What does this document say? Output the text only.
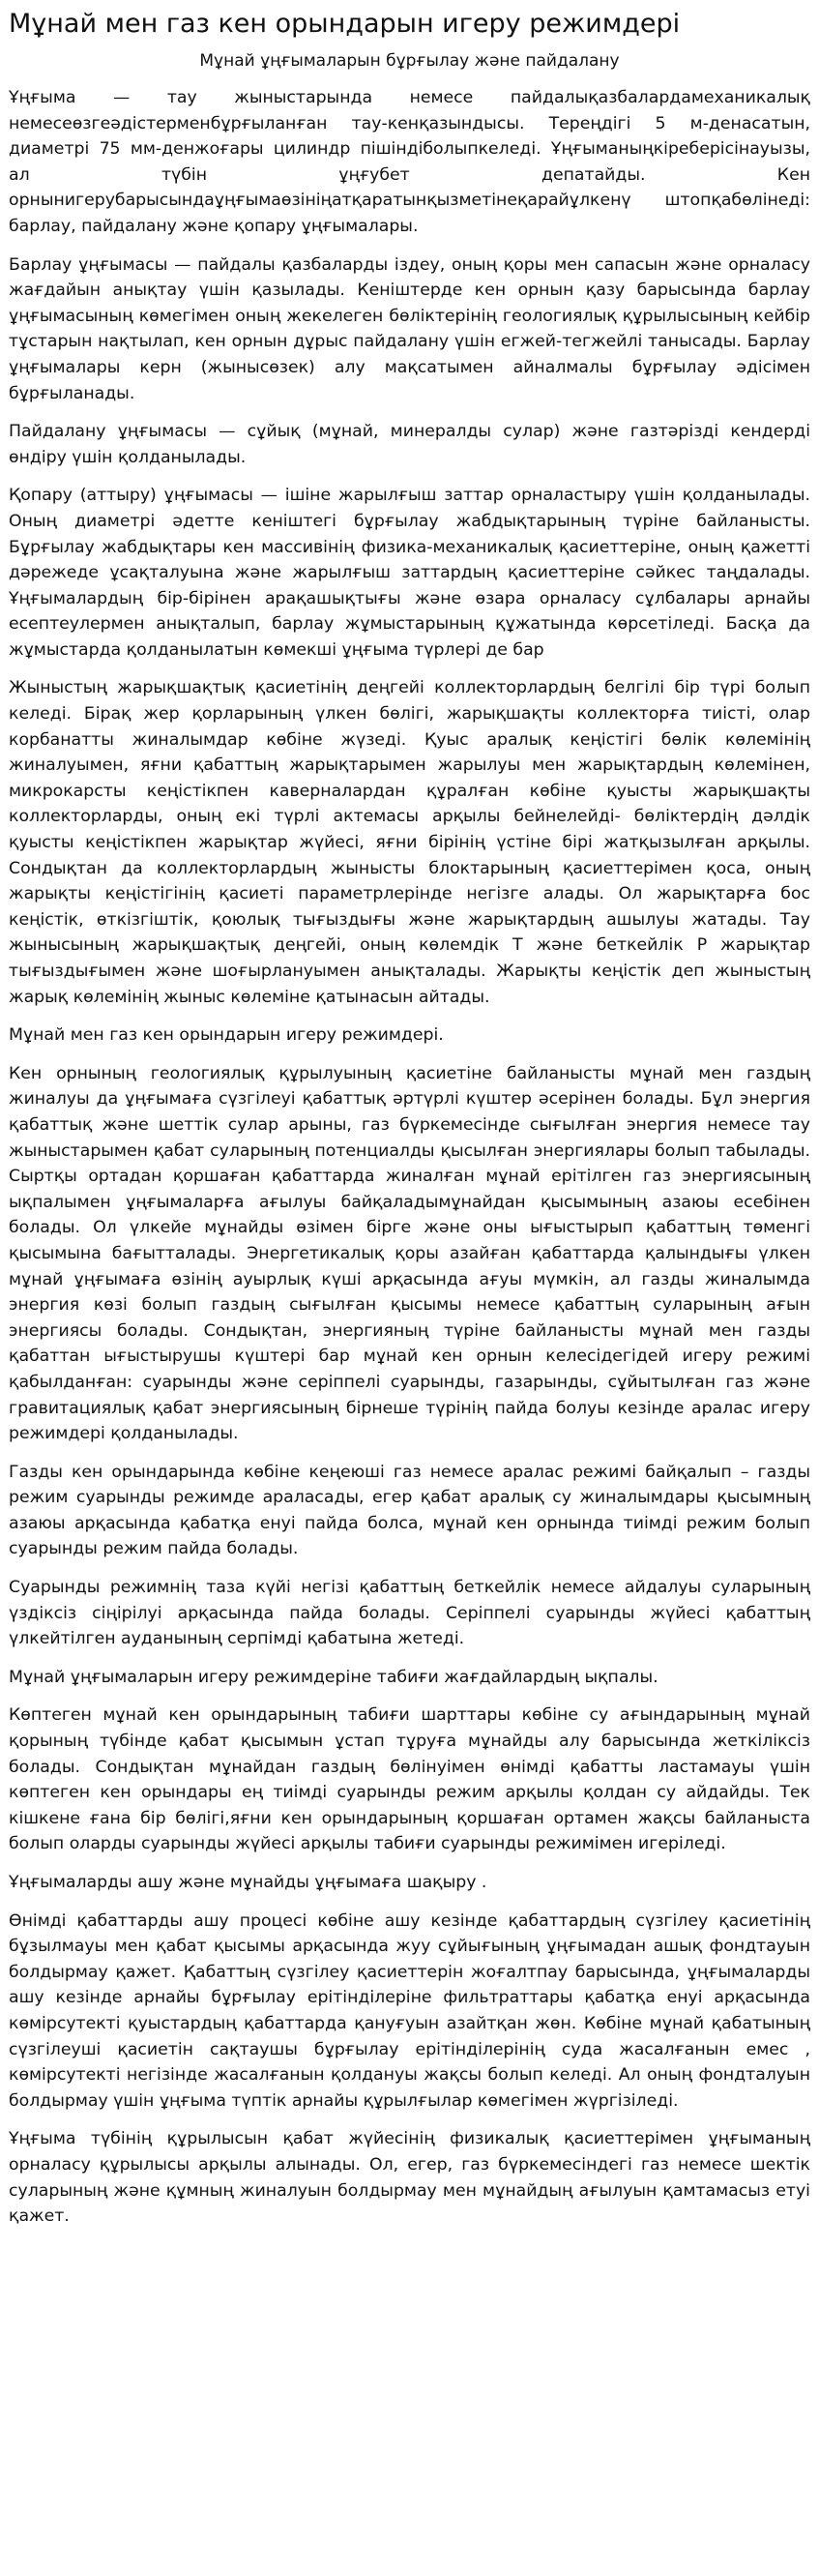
Мұнай мен газ кен орындарын игеру режимдері
Мұнай ұңғымаларын бұрғылау және пайдалану

Ұңғыма — тау жыныстарында немесе пайдалықазбалардамеханикалық немесеөзгеәдістерменбұрғыланған тау-кенқазындысы. Тереңдігі 5 м-денасатын, диаметрі 75 мм-денжоғары цилиндр пішіндіболыпкеледі. Ұңғыманыңкіреберісінауызы, ал түбін ұңғубет депатайды. Кен орнынигерубарысындаұңғымаөзініңатқаратынқызметінеқарайұлкенү штопқабөлінеді: барлау, пайдалану және қопару ұңғымалары.

Барлау ұңғымасы — пайдалы қазбаларды іздеу, оның қоры мен сапасын және орналасу жағдайын анықтау үшін қазылады. Кеніштерде кен орнын қазу барысында барлау ұңғымасының көмегімен оның жекелеген бөліктерінің геологиялық құрылысының кейбір тұстарын нақтылап, кен орнын дұрыс пайдалану үшін егжей-тегжейлі танысады. Барлау ұңғымалары керн (жынысөзек) алу мақсатымен айналмалы бұрғылау әдісімен бұрғыланады.

Пайдалану ұңғымасы — сұйық (мұнай, минералды сулар) және газтәрізді кендерді өндіру үшін қолданылады.

Қопару (аттыру) ұңғымасы — ішіне жарылғыш заттар орналастыру үшін қолданылады. Оның диаметрі әдетте кеніштегі бұрғылау жабдықтарының түріне байланысты. Бұрғылау жабдықтары кен массивінің физика-механикалық қасиеттеріне, оның қажетті дәрежеде ұсақталуына және жарылғыш заттардың қасиеттеріне сәйкес таңдалады. Ұңғымалардың бір-бірінен арақашықтығы және өзара орналасу сұлбалары арнайы есептеулермен анықталып, барлау жұмыстарының құжатында көрсетіледі. Басқа да жұмыстарда қолданылатын көмекші ұңғыма түрлері де бар

Жыныстың жарықшақтық қасиетінің деңгейі коллекторлардың белгілі бір түрі болып келеді. Бірақ жер қорларының үлкен бөлігі, жарықшақты коллекторға тиісті, олар корбанатты жиналымдар көбіне жүзеді. Қуыс аралық кеңістігі бөлік көлемінің жиналуымен, яғни қабаттың жарықтарымен жарылуы мен жарықтардың көлемінен, микрокарсты кеңістікпен каверналардан құралған көбіне қуысты жарықшақты коллекторларды, оның екі түрлі актемасы арқылы бейнелейді- бөліктердің дәлдік қуысты кеңістікпен жарықтар жүйесі, яғни бірінің үстіне бірі жатқызылған арқылы. Сондықтан да коллекторлардың жынысты блоктарының қасиеттерімен қоса, оның жарықты кеңістігінің қасиеті параметрлерінде негізге алады. Ол жарықтарға бос кеңістік, өткізгіштік, қоюлық тығыздығы және жарықтардың ашылуы жатады. Тау жынысының жарықшақтық деңгейі, оның көлемдік Т және беткейлік Р жарықтар тығыздығымен және шоғырлануымен анықталады. Жарықты кеңістік деп жыныстың жарық көлемінің жыныс көлеміне қатынасын айтады.

Мұнай мен газ кен орындарын игеру режимдері.

Кен орнының геологиялық құрылуының қасиетіне байланысты мұнай мен газдың жиналуы да ұңғымаға сүзгілеуі қабаттық әртүрлі күштер әсерінен болады. Бұл энергия қабаттық және шеттік сулар арыны, газ бүркемесінде сығылған энергия немесе тау жыныстарымен қабат суларының потенциалды қысылған энергиялары болып табылады. Сыртқы ортадан қоршаған қабаттарда жиналған мұнай ерітілген газ энергиясының ықпалымен ұңғымаларға ағылуы байқаладымұнайдан қысымының азаюы есебінен болады. Ол үлкейе мұнайды өзімен бірге және оны ығыстырып қабаттың төменгі қысымына бағытталады. Энергетикалық қоры азайған қабаттарда қалындығы үлкен мұнай ұңғымаға өзінің ауырлық күші арқасында ағуы мүмкін, ал газды жиналымда энергия көзі болып газдың сығылған қысымы немесе қабаттың суларының ағын энергиясы болады. Сондықтан, энергияның түріне байланысты мұнай мен газды қабаттан ығыстырушы күштері бар мұнай кен орнын келесідегідей игеру режимі қабылданған: суарынды және серіппелі суарынды, газарынды, сұйытылған газ және гравитациялық қабат энергиясының бірнеше түрінің пайда болуы кезінде аралас игеру режимдері қолданылады.

Газды кен орындарында көбіне кеңеюші газ немесе аралас режимі байқалып – газды режим суарынды режимде араласады, егер қабат аралық су жиналымдары қысымның азаюы арқасында қабатқа енуі пайда болса, мұнай кен орнында тиімді режим болып суарынды режим пайда болады.

Суарынды режимнің таза күйі негізі қабаттың беткейлік немесе айдалуы суларының үздіксіз сіңірілуі арқасында пайда болады. Серіппелі суарынды жүйесі қабаттың үлкейтілген ауданының серпімді қабатына жетеді.

Мұнай ұңғымаларын игеру режимдеріне табиғи жағдайлардың ықпалы.

Көптеген мұнай кен орындарының табиғи шарттары көбіне су ағындарының мұнай қорының түбінде қабат қысымын ұстап тұруға мұнайды алу барысында жеткіліксіз болады. Сондықтан мұнайдан газдың бөлінуімен өнімді қабатты ластамауы үшін көптеген кен орындары ең тиімді суарынды режим арқылы қолдан су айдайды. Тек кішкене ғана бір бөлігі,яғни кен орындарының қоршаған ортамен жақсы байланыста болып оларды суарынды жүйесі арқылы табиғи суарынды режимімен игеріледі.

Ұңғымаларды ашу және мұнайды ұңғымаға шақыру .

Өнімді қабаттарды ашу процесі көбіне ашу кезінде қабаттардың сүзгілеу қасиетінің бұзылмауы мен қабат қысымы арқасында жуу сұйығының ұңғымадан ашық фондтауын болдырмау қажет. Қабаттың сүзгілеу қасиеттерін жоғалтпау барысында, ұңғымаларды ашу кезінде арнайы бұрғылау ерітінділеріне фильтраттары қабатқа енуі арқасында көмірсутекті қуыстардың қабаттарда қануғуын азайтқан жөн. Көбіне мұнай қабатының сүзгілеуші қасиетін сақтаушы бұрғылау ерітінділерінің суда жасалғанын емес , көмірсутекті негізінде жасалғанын қолдануы жақсы болып келеді. Ал оның фондталуын болдырмау үшін ұңғыма түптік арнайы құрылғылар көмегімен жүргізіледі.

Ұңғыма түбінің құрылысын қабат жүйесінің физикалық қасиеттерімен ұңғыманың орналасу құрылысы арқылы алынады. Ол, егер, газ бүркемесіндегі газ немесе шектік суларының және құмның жиналуын болдырмау мен мұнайдың ағылуын қамтамасыз етуі қажет.
